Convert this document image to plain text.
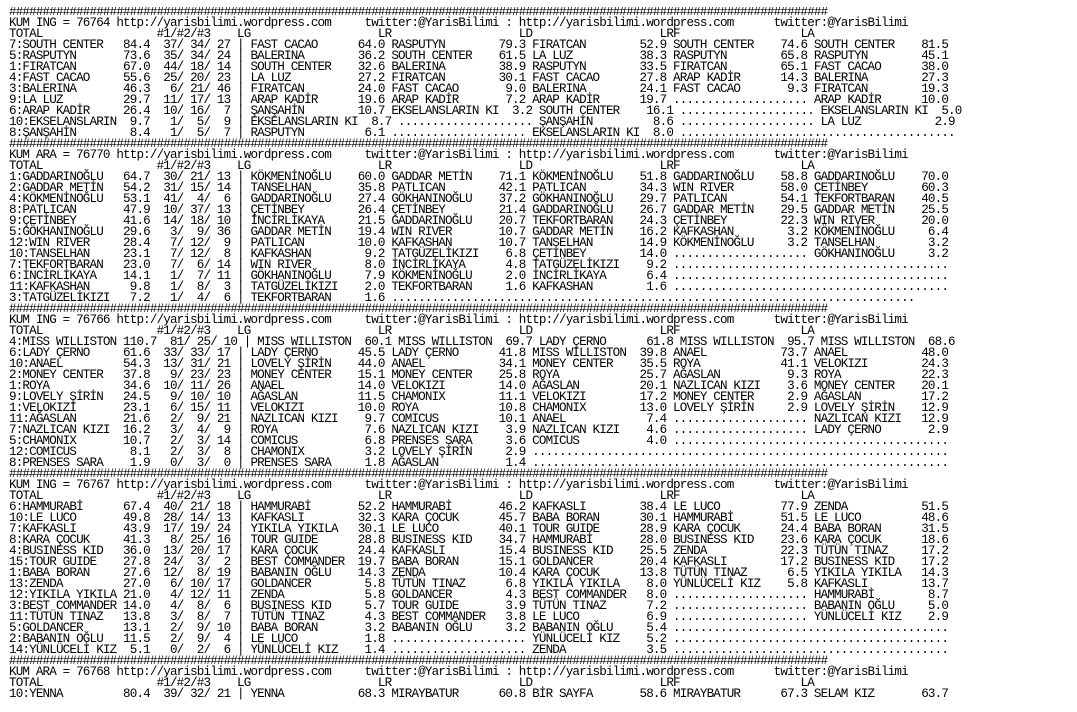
##########################################################################################################################
KUM ING = 76764 http://yarisbilimi.wordpress.com     twitter:@YarisBilimi : http://yarisbilimi.wordpress.com      twitter:@YarisBilimi
TOTAL                 #1/#2/#3    LG                   LR                   LD                   LRF                  LA
7:SOUTH CENTER   84.4  37/ 34/ 27 | FAST CACAO      64.0 RASPUTYN        79.3 FIRATCAN        52.9 SOUTH CENTER    74.6 SOUTH CENTER    81.5
5:RASPUTYN       73.6  35/ 34/ 24 | BALERINA        36.2 SOUTH CENTER    61.5 LA LUZ          38.3 RASPUTYN        65.8 RASPUTYN        45.1
1:FIRATCAN       67.0  44/ 18/ 14 | SOUTH CENTER    32.6 BALERINA        38.9 RASPUTYN        33.5 FIRATCAN        65.1 FAST CACAO      38.0
4:FAST CACAO     55.6  25/ 20/ 23 | LA LUZ          27.2 FIRATCAN        30.1 FAST CACAO      27.8 ARAP KADİR      14.3 BALERINA        27.3
3:BALERINA       46.3   6/ 21/ 46 | FIRATCAN        24.0 FAST CACAO       9.0 BALERINA        24.1 FAST CACAO       9.3 FIRATCAN        19.3
9:LA LUZ         29.7  11/ 17/ 13 | ARAP KADİR      19.6 ARAP KADİR       7.2 ARAP KADİR      19.7 .................... ARAP KADİR      10.0
6:ARAP KADİR     26.4  10/ 16/  7 | ŞANŞAHİN        10.7 EKSELANSLARIN KI  3.2 SOUTH CENTER    16.1 .................... EKSELANSLARIN KI  5.0
10:EKSELANSLARIN  9.7   1/  5/  9 | EKSELANSLARIN KI  8.7 .................... ŞANŞAHİN         8.6 .................... LA LUZ           2.9
8:ŞANŞAHİN        8.4   1/  5/  7 | RASPUTYN         6.1 .................... EKSELANSLARIN KI  8.0 .........................................
##########################################################################################################################
KUM ARA = 76770 http://yarisbilimi.wordpress.com     twitter:@YarisBilimi : http://yarisbilimi.wordpress.com      twitter:@YarisBilimi
TOTAL                 #1/#2/#3    LG                   LR                   LD                   LRF                  LA
1:GADDARINOĞLU   64.7  30/ 21/ 13 | KÖKMENİNOĞLU    60.0 GADDAR METİN    71.1 KÖKMENİNOĞLU    51.8 GADDARINOĞLU    58.8 GADDARINOĞLU    70.0
2:GADDAR METİN   54.2  31/ 15/ 14 | TANSELHAN       35.8 PATLICAN        42.1 PATLICAN        34.3 WIN RIVER       58.0 ÇETİNBEY        60.3
4:KÖKMENİNOĞLU   53.1  41/  4/  6 | GADDARINOĞLU    27.4 GÖKHANINOĞLU    37.2 GÖKHANINOĞLU    29.7 PATLICAN        54.1 TEKFORTBARAN    40.5
8:PATLICAN       47.9  10/ 37/ 13 | ÇETİNBEY        26.4 ÇETİNBEY        21.4 GADDARINOĞLU    26.7 GADDAR METİN    29.5 GADDAR METİN    25.5
9:ÇETİNBEY       41.6  14/ 18/ 10 | İNCİRLİKAYA     21.5 GADDARINOĞLU    20.7 TEKFORTBARAN    24.3 ÇETİNBEY        22.3 WIN RIVER       20.0
5:GÖKHANINOĞLU   29.6   3/  9/ 36 | GADDAR METİN    19.4 WIN RIVER       10.7 GADDAR METİN    16.2 KAFKASHAN        3.2 KÖKMENİNOĞLU     6.4
12:WIN RIVER     28.4   7/ 12/  9 | PATLICAN        10.0 KAFKASHAN       10.7 TANSELHAN       14.9 KÖKMENİNOĞLU     3.2 TANSELHAN        3.2
10:TANSELHAN     23.1   7/ 12/  8 | KAFKASHAN        9.2 TATGÜZELİKIZI    6.8 ÇETİNBEY        14.0 .................... GÖKHANINOĞLU     3.2
7:TEKFORTBARAN   23.0   7/  6/ 14 | WIN RIVER        8.0 İNCİRLİKAYA      4.8 TATGÜZELİKIZI    9.2 .........................................
6:İNCİRLİKAYA    14.1   1/  7/ 11 | GÖKHANINOĞLU     7.9 KÖKMENİNOĞLU     2.0 İNCİRLİKAYA      6.4 .........................................
11:KAFKASHAN      9.8   1/  8/  3 | TATGÜZELİKIZI    2.0 TEKFORTBARAN     1.6 KAFKASHAN        1.6 .........................................
3:TATGÜZELİKIZI   7.2   1/  4/  6 | TEKFORTBARAN     1.6 ..............................................................................
##########################################################################################################################
KUM ING = 76766 http://yarisbilimi.wordpress.com     twitter:@YarisBilimi : http://yarisbilimi.wordpress.com      twitter:@YarisBilimi
TOTAL                 #1/#2/#3    LG                   LR                   LD                   LRF                  LA
4:MISS WILLISTON 110.7  81/ 25/ 10 | MISS WILLISTON  60.1 MISS WILLISTON  69.7 LADY ÇERNO      61.8 MISS WILLISTON  95.7 MISS WILLISTON  68.6
6:LADY ÇERNO     61.6  33/ 33/ 17 | LADY ÇERNO      45.5 LADY ÇERNO      41.8 MISS WILLISTON  39.8 ANAEL           73.7 ANAEL           48.0
10:ANAEL         54.3  13/ 31/ 21 | LOVELY ŞİRİN    44.0 ANAEL           34.1 MONEY CENTER    35.5 ROYA            41.1 VELOKIZI        24.3
2:MONEY CENTER   37.8   9/ 23/ 23 | MONEY CENTER    15.1 MONEY CENTER    25.8 ROYA            25.7 AĞASLAN          9.3 ROYA            22.3
1:ROYA           34.6  10/ 11/ 26 | ANAEL           14.0 VELOKIZI        14.0 AĞASLAN         20.1 NAZLICAN KIZI    3.6 MONEY CENTER    20.1
9:LOVELY ŞİRİN   24.5   9/ 10/ 10 | AĞASLAN         11.5 CHAMONIX        11.1 VELOKIZI        17.2 MONEY CENTER     2.9 AĞASLAN         17.2
1:VELOKIZI       23.1   6/ 15/ 11 | VELOKIZI        10.0 ROYA            10.8 CHAMONIX        13.0 LOVELY ŞİRİN     2.9 LOVELY ŞİRİN    12.9
11:AĞASLAN       21.6   2/  9/ 21 | NAZLICAN KIZI    9.7 COMICUS         10.1 ANAEL            7.4 .................... NAZLICAN KIZI   12.9
7:NAZLICAN KIZI  16.2   3/  4/  9 | ROYA             7.6 NAZLICAN KIZI    3.9 NAZLICAN KIZI    4.6 .................... LADY ÇERNO       2.9
5:CHAMONIX       10.7   2/  3/ 14 | COMICUS          6.8 PRENSES SARA     3.6 COMICUS          4.0 .........................................
12:COMICUS        8.1   2/  3/  8 | CHAMONIX         3.2 LOVELY ŞİRİN     2.9 ..............................................................
8:PRENSES SARA    1.9   0/  3/  0 | PRENSES SARA     1.8 AĞASLAN          1.4 ..............................................................
##########################################################################################################################
KUM ING = 76767 http://yarisbilimi.wordpress.com     twitter:@YarisBilimi : http://yarisbilimi.wordpress.com      twitter:@YarisBilimi
TOTAL                 #1/#2/#3    LG                   LR                   LD                   LRF                  LA
6:HAMMURABİ      67.4  40/ 21/ 18 | HAMMURABİ       52.2 HAMMURABİ       46.2 KAFKASLI        38.4 LE LUCO         77.9 ZENDA           51.5
10:LE LUCO       49.8  28/ 14/ 13 | KAFKASLI        32.3 KARA ÇOCUK      45.7 BABA BORAN      30.1 HAMMURABİ       51.5 LE LUCO         48.6
7:KAFKASLI       43.9  17/ 19/ 24 | YIKILA YIKILA   30.1 LE LUCO         40.1 TOUR GUIDE      28.9 KARA ÇOCUK      24.4 BABA BORAN      31.5
8:KARA ÇOCUK     41.3   8/ 25/ 16 | TOUR GUIDE      28.8 BUSINESS KID    34.7 HAMMURABİ       28.0 BUSINESS KID    23.6 KARA ÇOCUK      18.6
4:BUSINESS KID   36.0  13/ 20/ 17 | KARA ÇOCUK      24.4 KAFKASLI        15.4 BUSINESS KID    25.5 ZENDA           22.3 TÜTÜN TINAZ     17.2
15:TOUR GUIDE    27.8  24/  3/  2 | BEST COMMANDER  19.7 BABA BORAN      15.1 GOLDANCER       20.4 KAFKASLI        17.2 BUSINESS KID    17.2
1:BABA BORAN     27.6  12/  8/ 19 | BABANIN OĞLU    14.3 ZENDA           10.4 KARA ÇOCUK      13.8 TÜTÜN TINAZ      6.5 YIKILA YIKILA   14.3
13:ZENDA         27.0   6/ 10/ 17 | GOLDANCER        5.8 TÜTÜN TINAZ      6.8 YIKILA YIKILA    8.0 YÜNLÜCELİ KIZ    5.8 KAFKASLI        13.7
12:YIKILA YIKILA 21.0   4/ 12/ 11 | ZENDA            5.8 GOLDANCER        4.3 BEST COMMANDER   8.0 .................... HAMMURABİ        8.7
3:BEST COMMANDER 14.0   4/  8/  6 | BUSINESS KID     5.7 TOUR GUIDE       3.9 TÜTÜN TINAZ      7.2 .................... BABANIN OĞLU     5.0
11:TÜTÜN TINAZ   13.8   3/  8/  7 | TÜTÜN TINAZ      4.3 BEST COMMANDER   3.8 LE LUCO          6.9 .................... YÜNLÜCELİ KIZ    2.9
5:GOLDANCER      13.1   2/  9/ 10 | BABA BORAN       3.2 BABANIN OĞLU     3.2 BABANIN OĞLU     5.4 .........................................
2:BABANIN OĞLU   11.5   2/  9/  4 | LE LUCO          1.8 .................... YÜNLÜCELİ KIZ    5.2 .........................................
14:YÜNLÜCELİ KIZ  5.1   0/  2/  6 | YÜNLÜCELİ KIZ    1.4 .................... ZENDA            3.5 .........................................
##########################################################################################################################
KUM ARA = 76768 http://yarisbilimi.wordpress.com     twitter:@YarisBilimi : http://yarisbilimi.wordpress.com      twitter:@YarisBilimi
TOTAL                 #1/#2/#3    LG                   LR                   LD                   LRF                  LA
10:YENNA         80.4  39/ 32/ 21 | YENNA           68.3 MIRAYBATUR      60.8 BİR SAYFA       58.6 MIRAYBATUR      67.3 SELAM KIZ       63.7
